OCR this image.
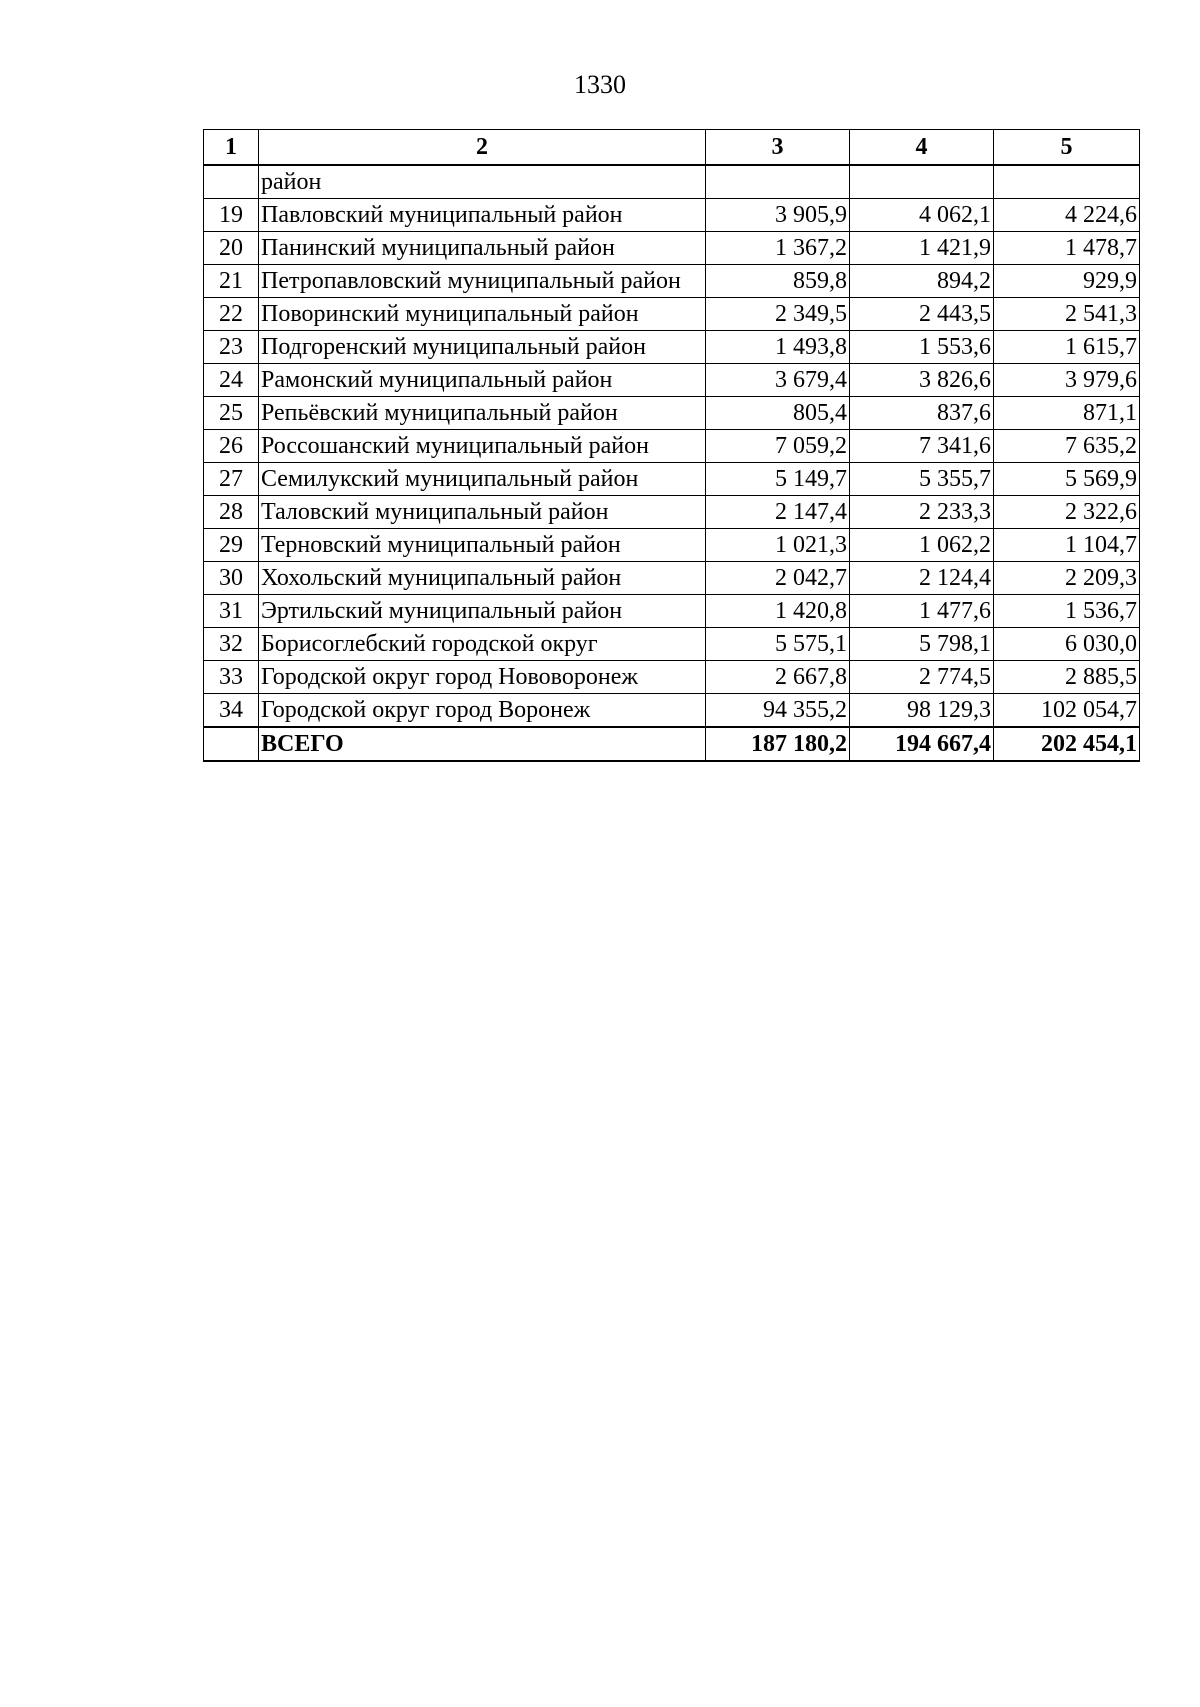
1330
1	2	3	4	5
	район			
19	Павловский муниципальный район	3 905,9	4 062,1	4 224,6
20	Панинский муниципальный район	1 367,2	1 421,9	1 478,7
21	Петропавловский муниципальный район	859,8	894,2	929,9
22	Поворинский муниципальный район	2 349,5	2 443,5	2 541,3
23	Подгоренский муниципальный район	1 493,8	1 553,6	1 615,7
24	Рамонский муниципальный район	3 679,4	3 826,6	3 979,6
25	Репьёвский муниципальный район	805,4	837,6	871,1
26	Россошанский муниципальный район	7 059,2	7 341,6	7 635,2
27	Семилукский муниципальный район	5 149,7	5 355,7	5 569,9
28	Таловский муниципальный район	2 147,4	2 233,3	2 322,6
29	Терновский муниципальный район	1 021,3	1 062,2	1 104,7
30	Хохольский муниципальный район	2 042,7	2 124,4	2 209,3
31	Эртильский муниципальный район	1 420,8	1 477,6	1 536,7
32	Борисоглебский городской округ	5 575,1	5 798,1	6 030,0
33	Городской округ город Нововоронеж	2 667,8	2 774,5	2 885,5
34	Городской округ город Воронеж	94 355,2	98 129,3	102 054,7
	ВСЕГО	187 180,2	194 667,4	202 454,1
